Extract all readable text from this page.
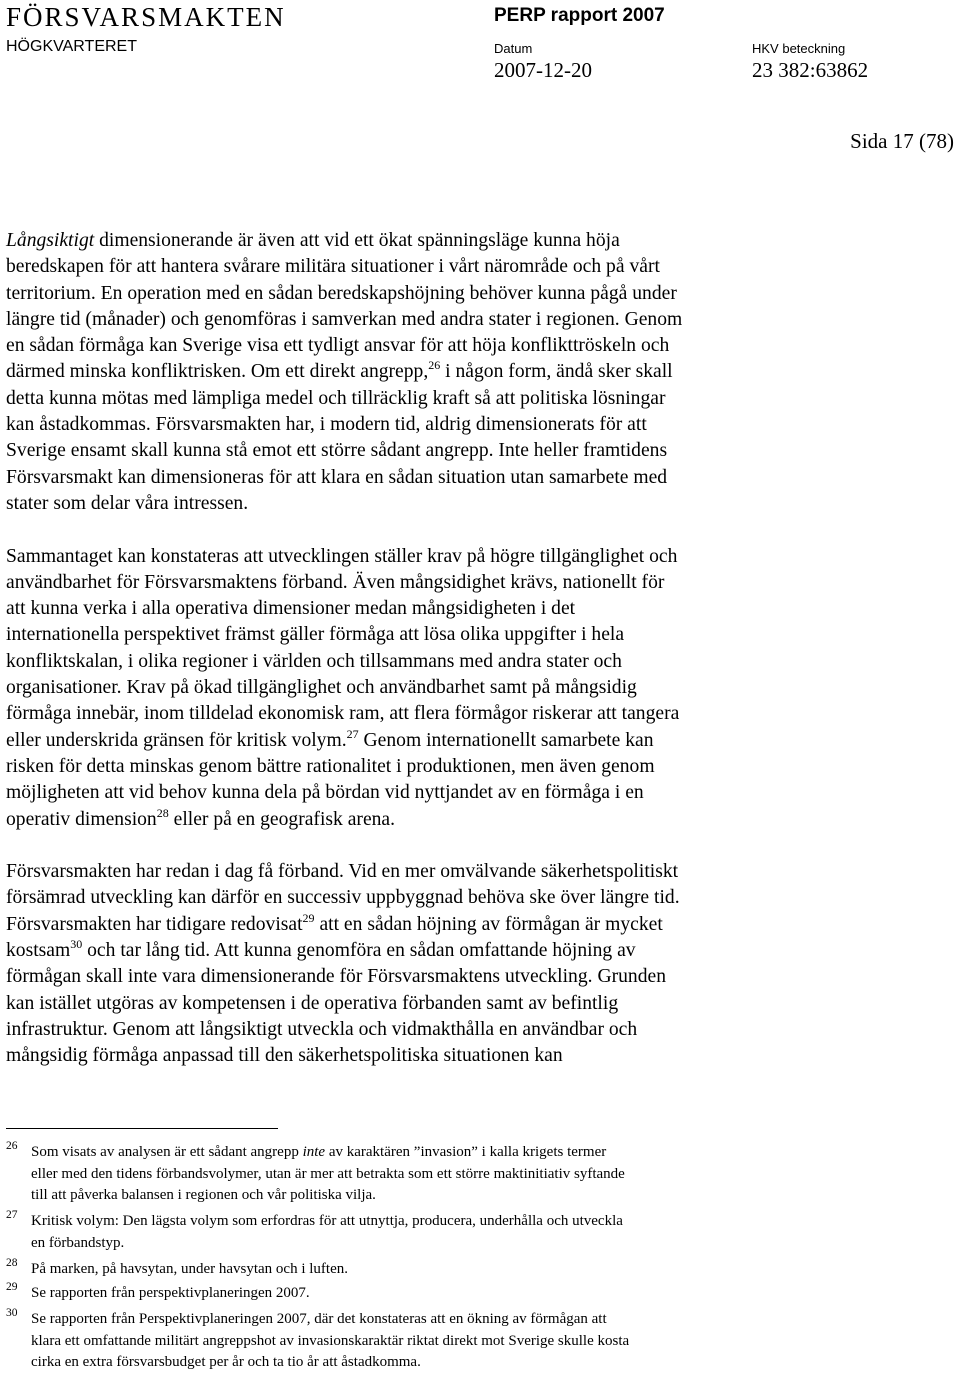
FÖRSVARSMAKTEN
HÖGKVARTERET
PERP rapport 2007
Datum
2007-12-20
HKV beteckning
23 382:63862
Sida 17 (78)

Långsiktigt dimensionerande är även att vid ett ökat spänningsläge kunna höja
beredskapen för att hantera svårare militära situationer i vårt närområde och på vårt
territorium. En operation med en sådan beredskapshöjning behöver kunna pågå under
längre tid (månader) och genomföras i samverkan med andra stater i regionen. Genom
en sådan förmåga kan Sverige visa ett tydligt ansvar för att höja konflikttröskeln och
därmed minska konfliktrisken. Om ett direkt angrepp,$^{26}$ i någon form, ändå sker skall
detta kunna mötas med lämpliga medel och tillräcklig kraft så att politiska lösningar
kan åstadkommas. Försvarsmakten har, i modern tid, aldrig dimensionerats för att
Sverige ensamt skall kunna stå emot ett större sådant angrepp. Inte heller framtidens
Försvarsmakt kan dimensioneras för att klara en sådan situation utan samarbete med
stater som delar våra intressen.

Sammantaget kan konstateras att utvecklingen ställer krav på högre tillgänglighet och
användbarhet för Försvarsmaktens förband. Även mångsidighet krävs, nationellt för
att kunna verka i alla operativa dimensioner medan mångsidigheten i det
internationella perspektivet främst gäller förmåga att lösa olika uppgifter i hela
konfliktskalan, i olika regioner i världen och tillsammans med andra stater och
organisationer. Krav på ökad tillgänglighet och användbarhet samt på mångsidig
förmåga innebär, inom tilldelad ekonomisk ram, att flera förmågor riskerar att tangera
eller underskrida gränsen för kritisk volym.$^{27}$ Genom internationellt samarbete kan
risken för detta minskas genom bättre rationalitet i produktionen, men även genom
möjligheten att vid behov kunna dela på bördan vid nyttjandet av en förmåga i en
operativ dimension$^{28}$ eller på en geografisk arena.

Försvarsmakten har redan i dag få förband. Vid en mer omvälvande säkerhetspolitiskt
försämrad utveckling kan därför en successiv uppbyggnad behöva ske över längre tid.
Försvarsmakten har tidigare redovisat$^{29}$ att en sådan höjning av förmågan är mycket
kostsam$^{30}$ och tar lång tid. Att kunna genomföra en sådan omfattande höjning av
förmågan skall inte vara dimensionerande för Försvarsmaktens utveckling. Grunden
kan istället utgöras av kompetensen i de operativa förbanden samt av befintlig
infrastruktur. Genom att långsiktigt utveckla och vidmakthålla en användbar och
mångsidig förmåga anpassad till den säkerhetspolitiska situationen kan

26 Som visats av analysen är ett sådant angrepp inte av karaktären ”invasion” i kalla krigets termer
eller med den tidens förbandsvolymer, utan är mer att betrakta som ett större maktinitiativ syftande
till att påverka balansen i regionen och vår politiska vilja.
27 Kritisk volym: Den lägsta volym som erfordras för att utnyttja, producera, underhålla och utveckla
en förbandstyp.
28 På marken, på havsytan, under havsytan och i luften.
29 Se rapporten från perspektivplaneringen 2007.
30 Se rapporten från Perspektivplaneringen 2007, där det konstateras att en ökning av förmågan att
klara ett omfattande militärt angreppshot av invasionskaraktär riktat direkt mot Sverige skulle kosta
cirka en extra försvarsbudget per år och ta tio år att åstadkomma.
